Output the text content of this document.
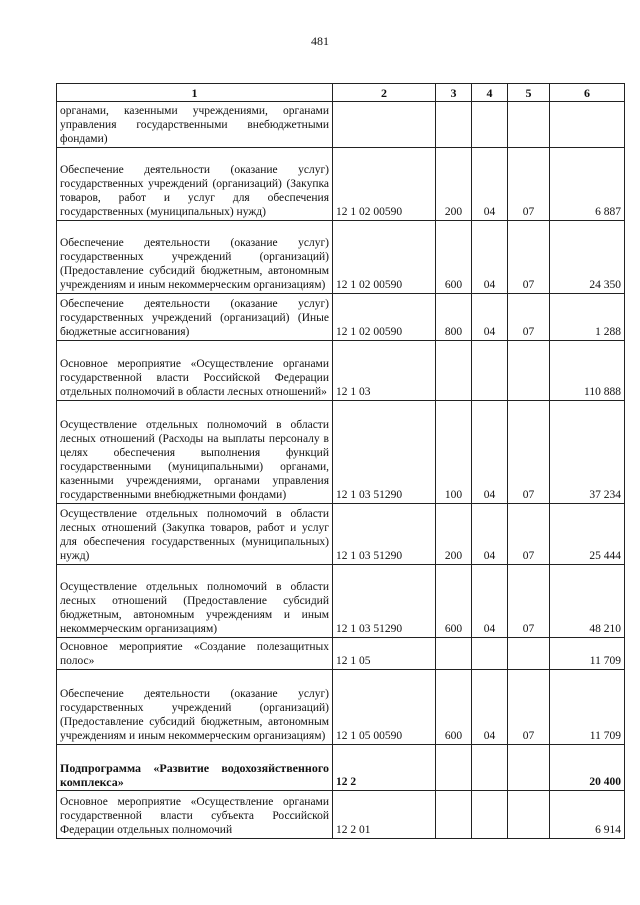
481
1	2	3	4	5	6
органами, казенными учреждениями, органами управления государственными внебюджетными фондами)					
Обеспечение деятельности (оказание услуг) государственных учреждений (организаций) (Закупка товаров, работ и услуг для обеспечения государственных (муниципальных) нужд)	12 1 02 00590	200	04	07	6 887
Обеспечение деятельности (оказание услуг) государственных учреждений (организаций) (Предоставление субсидий бюджетным, автономным учреждениям и иным некоммерческим организациям)	12 1 02 00590	600	04	07	24 350
Обеспечение деятельности (оказание услуг) государственных учреждений (организаций) (Иные бюджетные ассигнования)	12 1 02 00590	800	04	07	1 288
Основное мероприятие «Осуществление органами государственной власти Российской Федерации отдельных полномочий в области лесных отношений»	12 1 03				110 888
Осуществление отдельных полномочий в области лесных отношений (Расходы на выплаты персоналу в целях обеспечения выполнения функций государственными (муниципальными) органами, казенными учреждениями, органами управления государственными внебюджетными фондами)	12 1 03 51290	100	04	07	37 234
Осуществление отдельных полномочий в области лесных отношений (Закупка товаров, работ и услуг для обеспечения государственных (муниципальных) нужд)	12 1 03 51290	200	04	07	25 444
Осуществление отдельных полномочий в области лесных отношений (Предоставление субсидий бюджетным, автономным учреждениям и иным некоммерческим организациям)	12 1 03 51290	600	04	07	48 210
Основное мероприятие «Создание полезащитных полос»	12 1 05				11 709
Обеспечение деятельности (оказание услуг) государственных учреждений (организаций) (Предоставление субсидий бюджетным, автономным учреждениям и иным некоммерческим организациям)	12 1 05 00590	600	04	07	11 709
Подпрограмма «Развитие водохозяйственного комплекса»	12 2				20 400
Основное мероприятие «Осуществление органами государственной власти субъекта Российской Федерации отдельных полномочий	12 2 01				6 914
